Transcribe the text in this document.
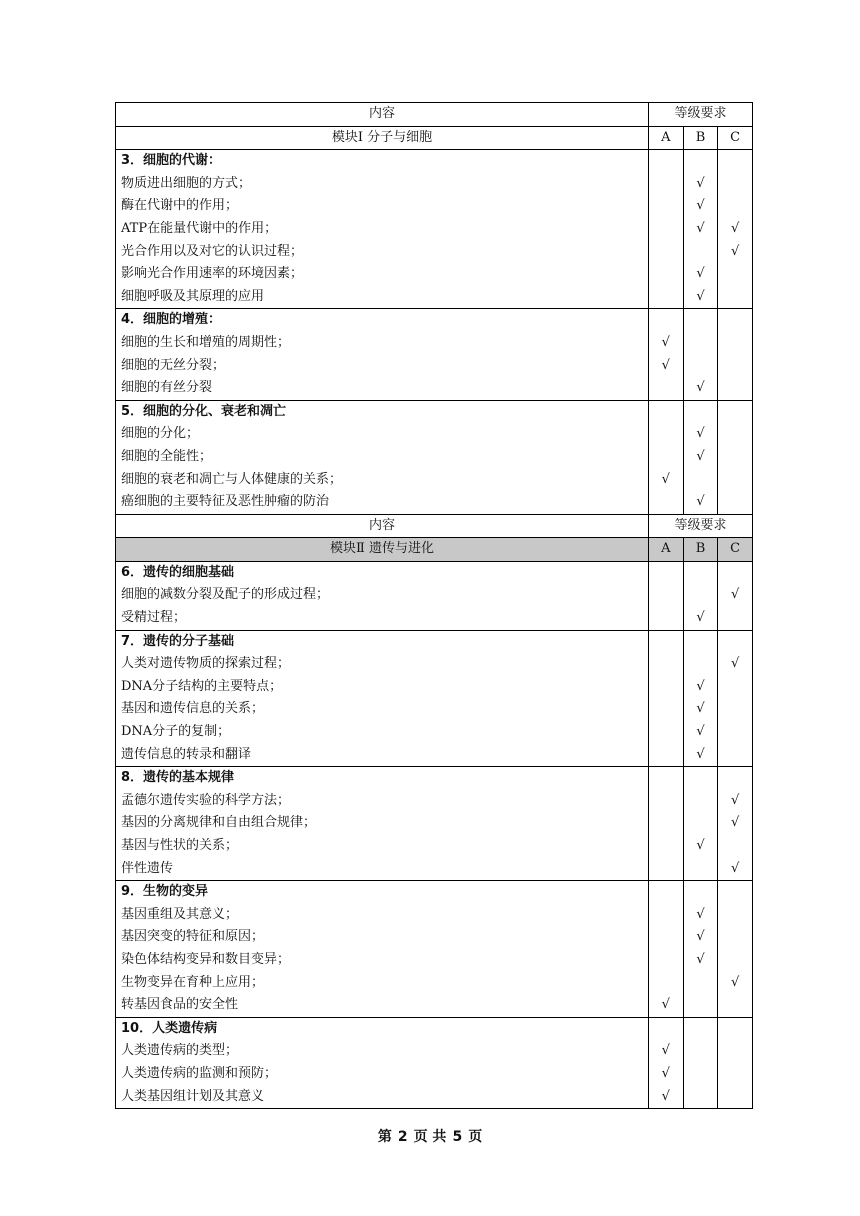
内容	等级要求		
模块Ⅰ 分子与细胞	A	B	C
3．细胞的代谢：			
物质进出细胞的方式；		√	
酶在代谢中的作用；		√	
ATP在能量代谢中的作用；		√	√
光合作用以及对它的认识过程；			√
影响光合作用速率的环境因素；		√	
细胞呼吸及其原理的应用		√	
4．细胞的增殖：			
细胞的生长和增殖的周期性；	√		
细胞的无丝分裂；	√		
细胞的有丝分裂		√	
5．细胞的分化、衰老和凋亡			
细胞的分化；		√	
细胞的全能性；		√	
细胞的衰老和凋亡与人体健康的关系；	√		
癌细胞的主要特征及恶性肿瘤的防治		√	
内容	等级要求		
模块Ⅱ 遗传与进化	A	B	C
6．遗传的细胞基础			
细胞的减数分裂及配子的形成过程；			√
受精过程；		√	
7．遗传的分子基础			
人类对遗传物质的探索过程；			√
DNA分子结构的主要特点；		√	
基因和遗传信息的关系；		√	
DNA分子的复制；		√	
遗传信息的转录和翻译		√	
8．遗传的基本规律			
孟德尔遗传实验的科学方法；			√
基因的分离规律和自由组合规律；			√
基因与性状的关系；		√	
伴性遗传			√
9．生物的变异			
基因重组及其意义；		√	
基因突变的特征和原因；		√	
染色体结构变异和数目变异；		√	
生物变异在育种上应用；			√
转基因食品的安全性	√		
10．人类遗传病			
人类遗传病的类型；	√		
人类遗传病的监测和预防；	√		
人类基因组计划及其意义	√		
第 2 页 共 5 页
